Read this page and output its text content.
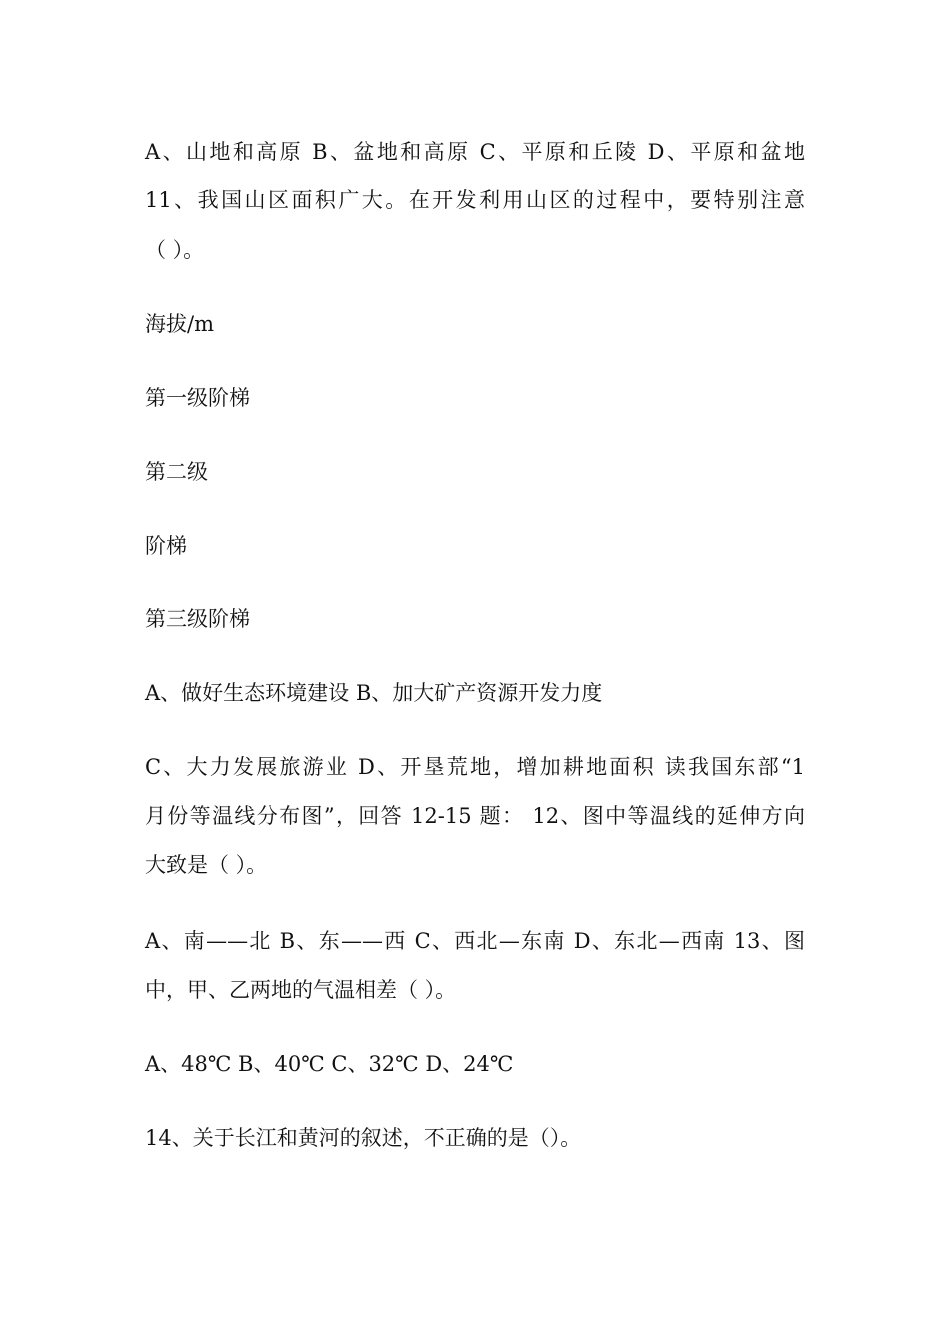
A、山地和高原 B、盆地和高原 C、平原和丘陵 D、平原和盆地

11、我国山区面积广大。在开发利用山区的过程中，要特别注意

（ ）。

海拔/m

第一级阶梯

第二级

阶梯

第三级阶梯

A、做好生态环境建设 B、加大矿产资源开发力度

C、大力发展旅游业 D、开垦荒地，增加耕地面积 读我国东部“1

月份等温线分布图”，回答 12-15 题： 12、图中等温线的延伸方向

大致是（ ）。

A、南——北 B、东——西 C、西北—东南 D、东北—西南 13、图

中，甲、乙两地的气温相差（ ）。

A、48℃ B、40℃ C、32℃ D、24℃

14、关于长江和黄河的叙述，不正确的是（）。
